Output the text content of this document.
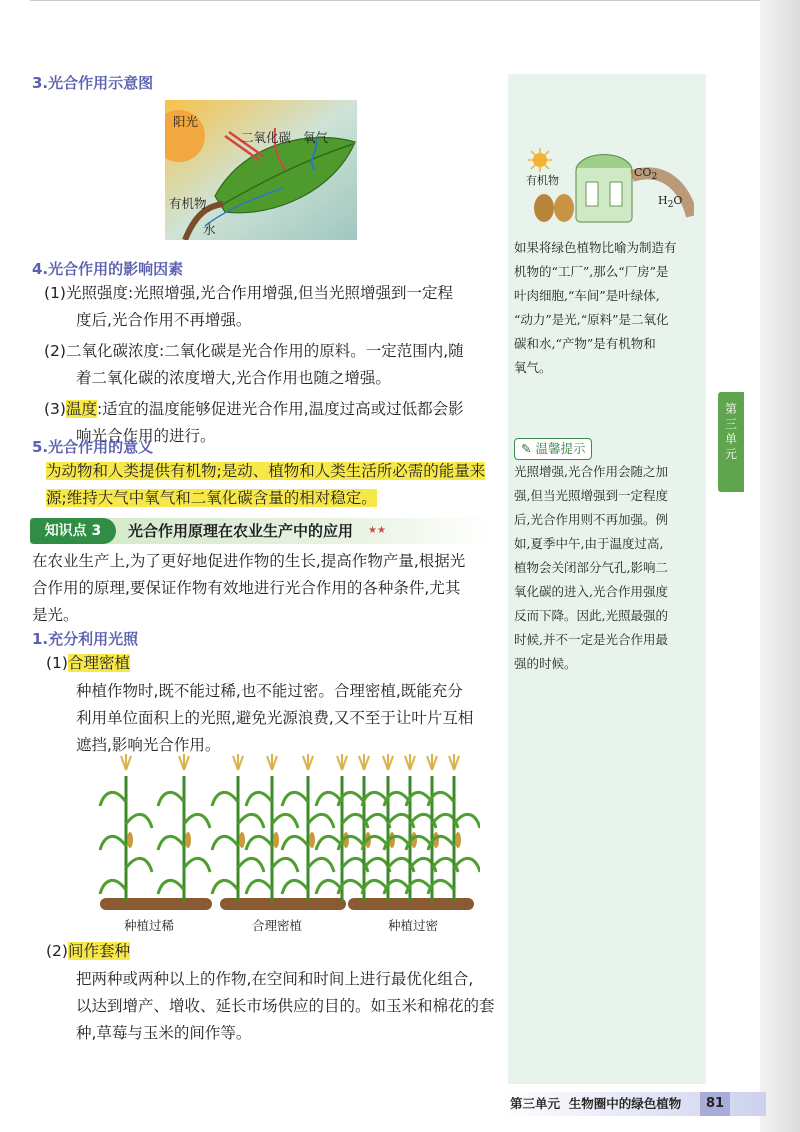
3.光合作用示意图
阳光
二氧化碳 氧气
有机物
水
4.光合作用的影响因素
(1)光照强度:光照增强,光合作用增强,但当光照增强到一定程
度后,光合作用不再增强。
(2)二氧化碳浓度:二氧化碳是光合作用的原料。一定范围内,随
着二氧化碳的浓度增大,光合作用也随之增强。
(3)温度:适宜的温度能够促进光合作用,温度过高或过低都会影
响光合作用的进行。
5.光合作用的意义
为动物和人类提供有机物;是动、植物和人类生活所必需的能量来
源;维持大气中氧气和二氧化碳含量的相对稳定。
知识点 3	光合作用原理在农业生产中的应用 ★★
在农业生产上,为了更好地促进作物的生长,提高作物产量,根据光
合作用的原理,要保证作物有效地进行光合作用的各种条件,尤其
是光。
1.充分利用光照
(1)合理密植
种植作物时,既不能过稀,也不能过密。合理密植,既能充分
利用单位面积上的光照,避免光源浪费,又不至于让叶片互相
遮挡,影响光合作用。
种植过稀	合理密植	种植过密
(2)间作套种
把两种或两种以上的作物,在空间和时间上进行最优化组合,
以达到增产、增收、延长市场供应的目的。如玉米和棉花的套
种,草莓与玉米的间作等。
有机物
$CO_2$
$H_2O$
如果将绿色植物比喻为制造有
机物的“工厂”,那么“厂房”是
叶肉细胞,“车间”是叶绿体,
“动力”是光,“原料”是二氧化
碳和水,“产物”是有机物和
氧气。
✎ 温馨提示
光照增强,光合作用会随之加
强,但当光照增强到一定程度
后,光合作用则不再加强。例
如,夏季中午,由于温度过高,
植物会关闭部分气孔,影响二
氧化碳的进入,光合作用强度
反而下降。因此,光照最强的
时候,并不一定是光合作用最
强的时候。
第
三
单
元
第三单元 生物圈中的绿色植物	81
